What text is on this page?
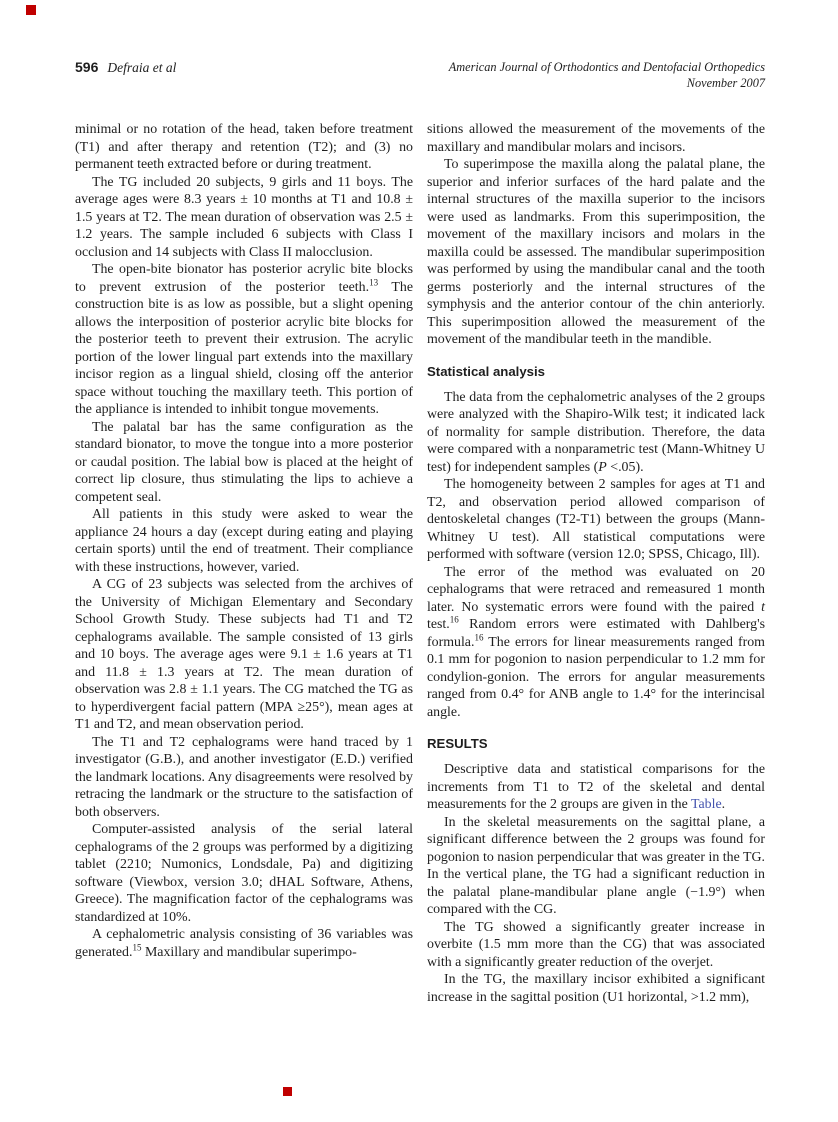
596 Defraia et al	American Journal of Orthodontics and Dentofacial Orthopedics
November 2007

minimal or no rotation of the head, taken before treatment (T1) and after therapy and retention (T2); and (3) no permanent teeth extracted before or during treatment.

The TG included 20 subjects, 9 girls and 11 boys. The average ages were 8.3 years ± 10 months at T1 and 10.8 ± 1.5 years at T2. The mean duration of observation was 2.5 ± 1.2 years. The sample included 6 subjects with Class I occlusion and 14 subjects with Class II malocclusion.

The open-bite bionator has posterior acrylic bite blocks to prevent extrusion of the posterior teeth.$^{13}$ The construction bite is as low as possible, but a slight opening allows the interposition of posterior acrylic bite blocks for the posterior teeth to prevent their extrusion. The acrylic portion of the lower lingual part extends into the maxillary incisor region as a lingual shield, closing off the anterior space without touching the maxillary teeth. This portion of the appliance is intended to inhibit tongue movements.

The palatal bar has the same configuration as the standard bionator, to move the tongue into a more posterior or caudal position. The labial bow is placed at the height of correct lip closure, thus stimulating the lips to achieve a competent seal.

All patients in this study were asked to wear the appliance 24 hours a day (except during eating and playing certain sports) until the end of treatment. Their compliance with these instructions, however, varied.

A CG of 23 subjects was selected from the archives of the University of Michigan Elementary and Secondary School Growth Study. These subjects had T1 and T2 cephalograms available. The sample consisted of 13 girls and 10 boys. The average ages were 9.1 ± 1.6 years at T1 and 11.8 ± 1.3 years at T2. The mean duration of observation was 2.8 ± 1.1 years. The CG matched the TG as to hyperdivergent facial pattern (MPA ≥25°), mean ages at T1 and T2, and mean observation period.

The T1 and T2 cephalograms were hand traced by 1 investigator (G.B.), and another investigator (E.D.) verified the landmark locations. Any disagreements were resolved by retracing the landmark or the structure to the satisfaction of both observers.

Computer-assisted analysis of the serial lateral cephalograms of the 2 groups was performed by a digitizing tablet (2210; Numonics, Londsdale, Pa) and digitizing software (Viewbox, version 3.0; dHAL Software, Athens, Greece). The magnification factor of the cephalograms was standardized at 10%.

A cephalometric analysis consisting of 36 variables was generated.$^{15}$ Maxillary and mandibular superimpo-

sitions allowed the measurement of the movements of the maxillary and mandibular molars and incisors.

To superimpose the maxilla along the palatal plane, the superior and inferior surfaces of the hard palate and the internal structures of the maxilla superior to the incisors were used as landmarks. From this superimposition, the movement of the maxillary incisors and molars in the maxilla could be assessed. The mandibular superimposition was performed by using the mandibular canal and the tooth germs posteriorly and the internal structures of the symphysis and the anterior contour of the chin anteriorly. This superimposition allowed the measurement of the movement of the mandibular teeth in the mandible.

Statistical analysis

The data from the cephalometric analyses of the 2 groups were analyzed with the Shapiro-Wilk test; it indicated lack of normality for sample distribution. Therefore, the data were compared with a nonparametric test (Mann-Whitney U test) for independent samples (P <.05).

The homogeneity between 2 samples for ages at T1 and T2, and observation period allowed comparison of dentoskeletal changes (T2-T1) between the groups (Mann-Whitney U test). All statistical computations were performed with software (version 12.0; SPSS, Chicago, Ill).

The error of the method was evaluated on 20 cephalograms that were retraced and remeasured 1 month later. No systematic errors were found with the paired t test.$^{16}$ Random errors were estimated with Dahlberg's formula.$^{16}$ The errors for linear measurements ranged from 0.1 mm for pogonion to nasion perpendicular to 1.2 mm for condylion-gonion. The errors for angular measurements ranged from 0.4° for ANB angle to 1.4° for the interincisal angle.

RESULTS

Descriptive data and statistical comparisons for the increments from T1 to T2 of the skeletal and dental measurements for the 2 groups are given in the Table.

In the skeletal measurements on the sagittal plane, a significant difference between the 2 groups was found for pogonion to nasion perpendicular that was greater in the TG. In the vertical plane, the TG had a significant reduction in the palatal plane-mandibular plane angle (−1.9°) when compared with the CG.

The TG showed a significantly greater increase in overbite (1.5 mm more than the CG) that was associated with a significantly greater reduction of the overjet.

In the TG, the maxillary incisor exhibited a significant increase in the sagittal position (U1 horizontal, >1.2 mm),
